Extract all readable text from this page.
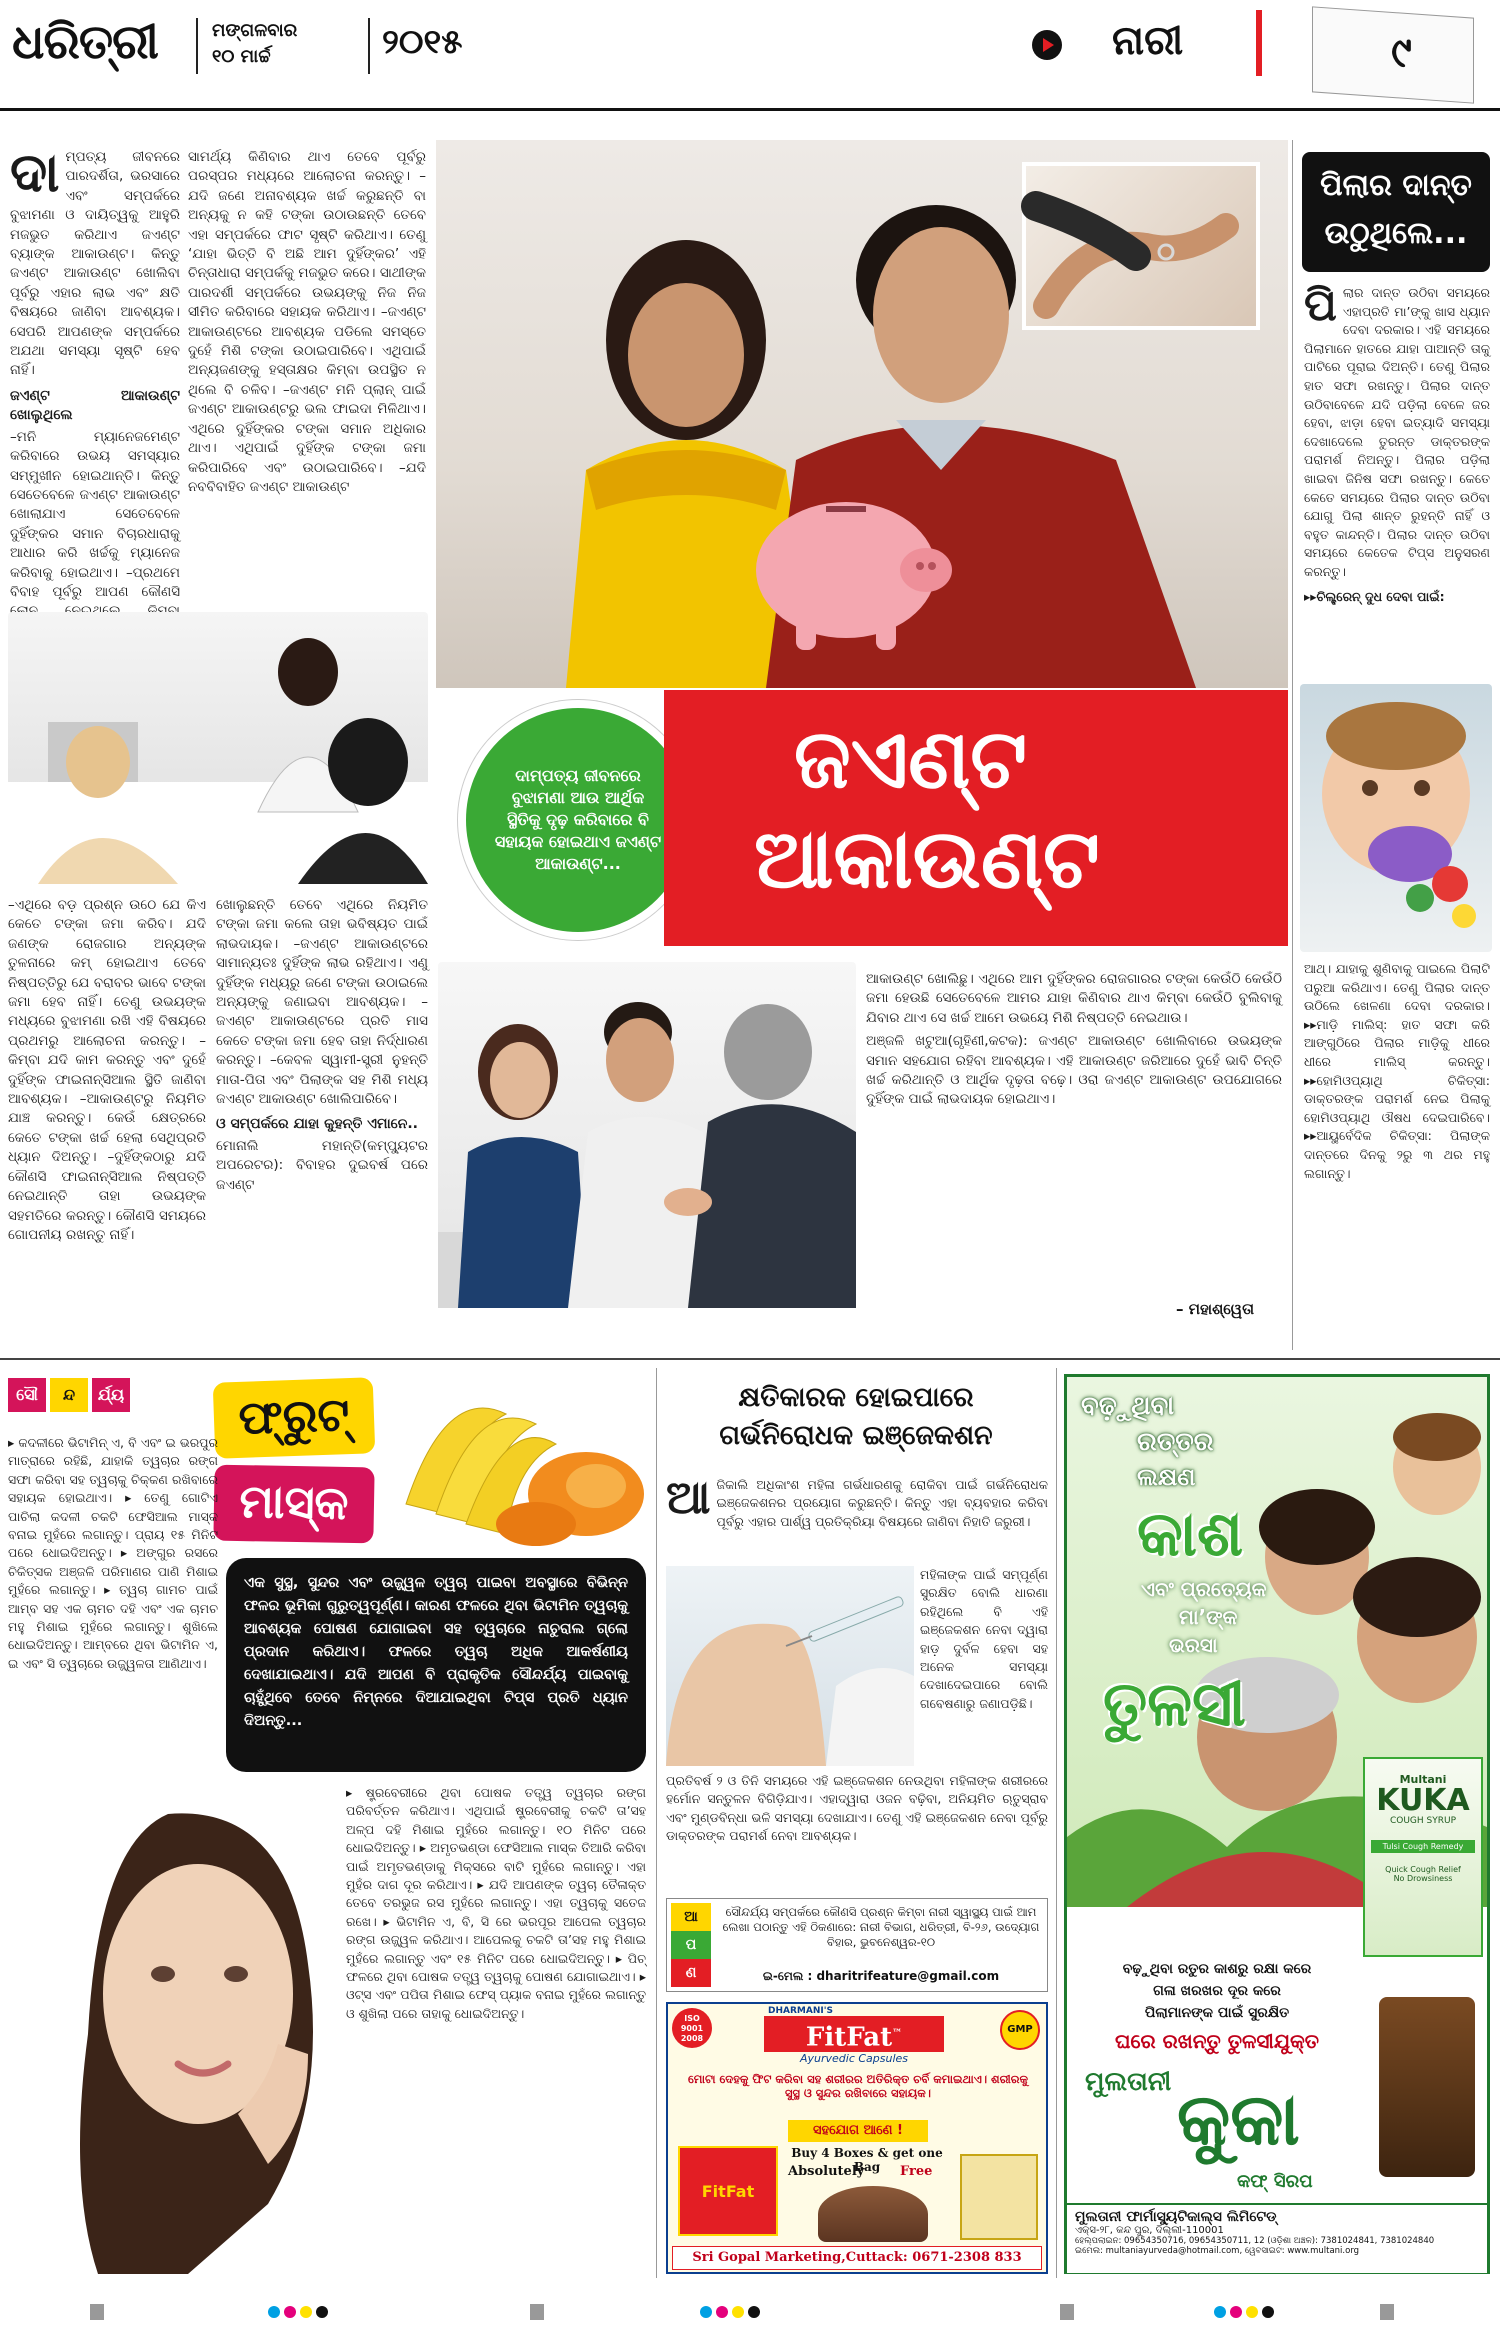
ଧରିତ୍ରୀ	ମଙ୍ଗଳବାର
୧୦ ମାର୍ଚ୍ଚ	୨୦୧୫	ନାରୀ	୯
ଦା ମ୍ପତ୍ୟ ଜୀବନରେ ପାରଦର୍ଶିତା, ଭରସାରେ ଏବଂ ସମ୍ପର୍କରେ ବୁଝାମଣା ଓ ଦାୟିତ୍ୱକୁ ଆହୁରି ମଜଭୁତ କରିଥାଏ ଜଏଣ୍ଟ ବ୍ୟାଙ୍କ ଆକାଉଣ୍ଟ। କିନ୍ତୁ ଜଏଣ୍ଟ ଆକାଉଣ୍ଟ ଖୋଲିବା ପୂର୍ବରୁ ଏହାର ଲାଭ ଏବଂ କ୍ଷତି ବିଷୟରେ ଜାଣିବା ଆବଶ୍ୟକ। ସେପରି ଆପଣଙ୍କ ସମ୍ପର୍କରେ ଅଯଥା ସମସ୍ୟା ସୃଷ୍ଟି ହେବ ନାହିଁ।
ଜଏଣ୍ଟ ଆକାଉଣ୍ଟ ଖୋଲୁଥିଲେ
–ମନି ମ୍ୟାନେଜମେଣ୍ଟ କରିବାରେ ଉଭୟ ସମସ୍ୟାର ସମ୍ମୁଖୀନ ହୋଇଥାନ୍ତି। କିନ୍ତୁ ସେତେବେଳେ ଜଏଣ୍ଟ ଆକାଉଣ୍ଟ ଖୋଲାଯାଏ ସେତେବେଳେ ଦୁହିଁଙ୍କର ସମାନ ବିଚାରଧାରାକୁ ଆଧାର କରି ଖର୍ଚ୍ଚକୁ ମ୍ୟାନେଜ କରିବାକୁ ହୋଇଥାଏ। –ପ୍ରଥମେ ବିବାହ ପୂର୍ବରୁ ଆପଣ କୌଣସି
ସାମର୍ଥ୍ୟ କିଣିବାର ଥାଏ ତେବେ ପୂର୍ବରୁ ପରସ୍ପର ମଧ୍ୟରେ ଆଲୋଚନା କରନ୍ତୁ। –ଯଦି ଜଣେ ଅନାବଶ୍ୟକ ଖର୍ଚ୍ଚ କରୁଛନ୍ତି ବା ଅନ୍ୟକୁ ନ କହି ଟଙ୍କା ଉଠାଉଛନ୍ତି ତେବେ ଏହା ସମ୍ପର୍କରେ ଫାଟ ସୃଷ୍ଟି କରିଥାଏ। ତେଣୁ ‘ଯାହା ଭିତ୍ତି ବି ଅଛି ଆମ ଦୁହିଁଙ୍କର’ ଏହି ଚିନ୍ତାଧାରା ସମ୍ପର୍କକୁ ମଜଭୁତ କରେ। ସାଥୀଙ୍କ ପାରଦର୍ଶୀ ସମ୍ପର୍କରେ ଉଭୟଙ୍କୁ ନିଜ ନିଜ ସୀମିତ କରିବାରେ ସହାୟକ କରିଥାଏ। –ଜଏଣ୍ଟ ଆକାଉଣ୍ଟରେ ଆବଶ୍ୟକ ପଡିଲେ ସମସ୍ତେ ଦୁହେଁ ମିଶି ଟଙ୍କା ଉଠାଇପାରିବେ। ଏଥିପାଇଁ ଅନ୍ୟଜଣଙ୍କୁ ହସ୍ତାକ୍ଷର କିମ୍ବା ଉପସ୍ଥିତ ନ ଥିଲେ ବି ଚଳିବ। –ଜଏଣ୍ଟ ମନି ପ୍ଲାନ୍ ପାଇଁ ଜଏଣ୍ଟ ଆକାଉଣ୍ଟରୁ ଭଲ ଫାଇଦା ମିଳିଥାଏ। ଏଥିରେ ଦୁହିଁଙ୍କର ଟଙ୍କା ସମାନ ଅଧିକାର ଥାଏ। ଏଥିପାଇଁ ଦୁହିଁଙ୍କ ଟଙ୍କା ଜମା କରିପାରିବେ ଏବଂ ଉଠାଇପାରିବେ। –ଯଦି ନବବିବାହିତ ଜଏଣ୍ଟ ଆକାଉଣ୍ଟ
ଦାମ୍ପତ୍ୟ ଜୀବନରେ ବୁଝାମଣା ଆଉ ଆର୍ଥିକ ସ୍ଥିତିକୁ ଦୃଢ଼ କରିବାରେ ବି ସହାୟକ ହୋଇଥାଏ ଜଏଣ୍ଟ ଆକାଉଣ୍ଟ...
ଜଏଣ୍ଟ
ଆକାଉଣ୍ଟ
–ଏଥିରେ ବଡ଼ ପ୍ରଶ୍ନ ଉଠେ ଯେ କିଏ କେତେ ଟଙ୍କା ଜମା କରିବ। ଯଦି ଜଣଙ୍କ ରୋଜଗାର ଅନ୍ୟଙ୍କ ତୁଳନାରେ କମ୍ ହୋଇଥାଏ ତେବେ ନିଷ୍ପତ୍ତିରୁ ଯେ ବରାବର ଭାବେ ଟଙ୍କା ଜମା ହେବ ନାହିଁ। ତେଣୁ ଉଭୟଙ୍କ ମଧ୍ୟରେ ବୁଝାମଣା ରଖି ଏହି ବିଷୟରେ ପ୍ରଥମରୁ ଆଲୋଚନା କରନ୍ତୁ। –କିମ୍ବା ଯଦି କାମ କରନ୍ତୁ ଏବଂ ଦୁହେଁ ଦୁହିଁଙ୍କ ଫାଇନାନ୍ସିଆଲ ସ୍ଥିତି ଜାଣିବା ଆବଶ୍ୟକ। –ଆକାଉଣ୍ଟରୁ ନିୟମିତ ଯାଞ୍ଚ କରନ୍ତୁ। କେଉଁ କ୍ଷେତ୍ରରେ କେତେ ଟଙ୍କା ଖର୍ଚ୍ଚ ହେଲା ସେଥିପ୍ରତି ଧ୍ୟାନ ଦିଅନ୍ତୁ। –ଦୁହିଁଙ୍କଠାରୁ ଯଦି କୌଣସି ଫାଇନାନ୍ସିଆଲ ନିଷ୍ପତ୍ତି ନେଇଥାନ୍ତି ତାହା ଉଭୟଙ୍କ ସହମତିରେ କରନ୍ତୁ। କୌଣସି ସମୟରେ ଗୋପନୀୟ ରଖନ୍ତୁ ନାହିଁ।
ଖୋଲୁଛନ୍ତି ତେବେ ଏଥିରେ ନିୟମିତ ଟଙ୍କା ଜମା କଲେ ତାହା ଭବିଷ୍ୟତ ପାଇଁ ଲାଭଦାୟକ। –ଜଏଣ୍ଟ ଆକାଉଣ୍ଟରେ ସାମାନ୍ୟତଃ ଦୁହିଁଙ୍କ ଲାଭ ରହିଥାଏ। ଏଣୁ ଦୁହିଁଙ୍କ ମଧ୍ୟରୁ ଜଣେ ଟଙ୍କା ଉଠାଇଲେ ଅନ୍ୟଙ୍କୁ ଜଣାଇବା ଆବଶ୍ୟକ। –ଜଏଣ୍ଟ ଆକାଉଣ୍ଟରେ ପ୍ରତି ମାସ କେତେ ଟଙ୍କା ଜମା ହେବ ତାହା ନିର୍ଦ୍ଧାରଣ କରନ୍ତୁ। –କେବଳ ସ୍ୱାମୀ-ସ୍ତ୍ରୀ ନୁହନ୍ତି ମାତା-ପିତା ଏବଂ ପିଲାଙ୍କ ସହ ମିଶି ମଧ୍ୟ ଜଏଣ୍ଟ ଆକାଉଣ୍ଟ ଖୋଲିପାରିବେ।
ଓ ସମ୍ପର୍କରେ ଯାହା କୁହନ୍ତି ଏମାନେ..
ମୋନାଲି ମହାନ୍ତି(କମ୍ପ୍ୟୁଟର ଅପରେଟର): ବିବାହର ଦୁଇବର୍ଷ ପରେ ଜଏଣ୍ଟ
ଆକାଉଣ୍ଟ ଖୋଲିଛୁ। ଏଥିରେ ଆମ ଦୁହିଁଙ୍କର ରୋଜଗାରର ଟଙ୍କା କେଉଁଠି କେଉଁଠି ଜମା ହେଉଛି ସେତେବେଳେ ଆମର ଯାହା କିଣିବାର ଥାଏ କିମ୍ବା କେଉଁଠି ବୁଲିବାକୁ ଯିବାର ଥାଏ ସେ ଖର୍ଚ୍ଚ ଆମେ ଉଭୟେ ମିଶି ନିଷ୍ପତ୍ତି ନେଇଥାଉ।
ଅଞ୍ଜଳି ଖଟୁଆ(ଗୃହିଣୀ,କଟକ): ଜଏଣ୍ଟ ଆକାଉଣ୍ଟ ଖୋଲିବାରେ ଉଭୟଙ୍କ ସମାନ ସହଯୋଗ ରହିବା ଆବଶ୍ୟକ। ଏହି ଆକାଉଣ୍ଟ ଜରିଆରେ ଦୁହେଁ ଭାବି ଚିନ୍ତି ଖର୍ଚ୍ଚ କରିଥାନ୍ତି ଓ ଆର୍ଥିକ ଦୃଢ଼ତା ବଢ଼େ। ଓରା ଜଏଣ୍ଟ ଆକାଉଣ୍ଟ ଉପଯୋଗରେ ଦୁହିଁଙ୍କ ପାଇଁ ଲାଭଦାୟକ ହୋଇଥାଏ।
– ମହାଶ୍ୱେତା
ପିଲାର ଦାନ୍ତ
ଉଠୁଥିଲେ...
ପି ଲାର ଦାନ୍ତ ଉଠିବା ସମୟରେ ଏହାପ୍ରତି ମା’ଙ୍କୁ ଖାସ ଧ୍ୟାନ ଦେବା ଦରକାର। ଏହି ସମୟରେ ପିଲାମାନେ ହାତରେ ଯାହା ପାଆନ୍ତି ତାକୁ ପାଟିରେ ପୂରାଇ ଦିଅନ୍ତି। ତେଣୁ ପିଲାର ହାତ ସଫା ରଖନ୍ତୁ। ପିଲାର ଦାନ୍ତ ଉଠିବାବେଳେ ଯଦି ପଡ଼ିଲା ବେଳେ ଜର ହେବା, ଝାଡ଼ା ହେବା ଇତ୍ୟାଦି ସମସ୍ୟା ଦେଖାଦେଲେ ତୁରନ୍ତ ଡାକ୍ତରଙ୍କ ପରାମର୍ଶ ନିଅନ୍ତୁ। ପିଲାର ପଡ଼ିଲା ଖାଇବା ଜିନିଷ ସଫା ରଖନ୍ତୁ। କେତେ କେତେ ସମୟରେ ପିଲାର ଦାନ୍ତ ଉଠିବା ଯୋଗୁ ପିଲା ଶାନ୍ତ ରୁହନ୍ତି ନାହିଁ ଓ ବହୁତ କାନ୍ଦନ୍ତି। ପିଲାର ଦାନ୍ତ ଉଠିବା ସମୟରେ କେତେକ ଟିପ୍ସ ଅନୁସରଣ କରନ୍ତୁ।
▸▸ଚିଲ୍ଡ୍ରେନ୍ ଦୁଧ ଦେବା ପାଇଁ:
ଆଥ୍। ଯାହାକୁ ଶୁଣିବାକୁ ପାଇଲେ ପିଲାଟି ପରୁଆ କରିଥାଏ। ତେଣୁ ପିଲାର ଦାନ୍ତ ଉଠିଲେ ଖେଳଣା ଦେବା ଦରକାର। ▸▸ମାଡ଼ି ମାଲିସ୍: ହାତ ସଫା କରି ଆଙ୍ଗୁଠିରେ ପିଲାର ମାଡ଼ିକୁ ଧୀରେ ଧୀରେ ମାଲିସ୍ କରନ୍ତୁ। ▸▸ହୋମିଓପ୍ୟାଥି ଚିକିତ୍ସା: ଡାକ୍ତରଙ୍କ ପରାମର୍ଶ ନେଇ ପିଲାକୁ ହୋମିଓପ୍ୟାଥି ଔଷଧ ଦେଇପାରିବେ। ▸▸ଆୟୁର୍ବେଦିକ ଚିକିତ୍ସା: ପିଲାଙ୍କ ଦାନ୍ତରେ ଦିନକୁ ୨ରୁ ୩ ଥର ମହୁ ଲଗାନ୍ତୁ।
ସୌ	ନ୍ଦ	ର୍ଯ୍ୟ	ଫ୍ରୁଟ୍
ମାସ୍କ
ଏକ ସୁସ୍ଥ, ସୁନ୍ଦର ଏବଂ ଉଜ୍ଜ୍ୱଳ ତ୍ୱଚା ପାଇବା ଅବସ୍ଥାରେ ବିଭିନ୍ନ ଫଳର ଭୂମିକା ଗୁରୁତ୍ୱପୂର୍ଣ୍ଣ। କାରଣ ଫଳରେ ଥିବା ଭିଟାମିନ ତ୍ୱଚାକୁ ଆବଶ୍ୟକ ପୋଷଣ ଯୋଗାଇବା ସହ ତ୍ୱଚାରେ ନାଚୁରାଲ ଗ୍ଲୋ ପ୍ରଦାନ କରିଥାଏ। ଫଳରେ ତ୍ୱଚା ଅଧିକ ଆକର୍ଷଣୀୟ ଦେଖାଯାଇଥାଏ। ଯଦି ଆପଣ ବି ପ୍ରାକୃତିକ ସୌନ୍ଦର୍ଯ୍ୟ ପାଇବାକୁ ଚାହୁଁଥିବେ ତେବେ ନିମ୍ନରେ ଦିଆଯାଇଥିବା ଟିପ୍ସ ପ୍ରତି ଧ୍ୟାନ ଦିଅନ୍ତୁ...
▸ କଦଳୀରେ ଭିଟାମିନ୍ ଏ, ବି ଏବଂ ଇ ଭରପୁର ମାତ୍ରାରେ ରହିଛି, ଯାହାକି ତ୍ୱଚାର ରଙ୍ଗ ସଫା କରିବା ସହ ତ୍ୱଚାକୁ ଚିକ୍କଣ ରଖିବାରେ ସହାୟକ ହୋଇଥାଏ। ▸ ତେଣୁ ଗୋଟିଏ ପାଚିଲା କଦଳୀ ଚକଟି ଫେସିଆଲ ମାସ୍କ ବନାଇ ମୁହଁରେ ଲଗାନ୍ତୁ। ପ୍ରାୟ ୧୫ ମିନିଟ ପରେ ଧୋଇଦିଅନ୍ତୁ। ▸ ଅଙ୍ଗୁର ରସରେ ଚିକିତ୍ସକ ଅଞ୍ଜଳି ପରିମାଣର ପାଣି ମିଶାଇ ମୁହଁରେ ଲଗାନ୍ତୁ। ▸ ତ୍ୱଚା ଗାମଚ ପାଇଁ ଆମ୍ବ ସହ ଏକ ଚାମଚ ଦହି ଏବଂ ଏକ ଚାମଚ ମହୁ ମିଶାଇ ମୁହଁରେ ଲଗାନ୍ତୁ। ଶୁଖିଲେ ଧୋଇଦିଅନ୍ତୁ। ଆମ୍ବରେ ଥିବା ଭିଟାମିନ ଏ, ଇ ଏବଂ ସି ତ୍ୱଚାରେ ଉଜ୍ଜ୍ୱଳତା ଆଣିଥାଏ।
▸ ଷ୍ଟ୍ରବେରୀରେ ଥିବା ପୋଷକ ତତ୍ତ୍ୱ ତ୍ୱଚାର ରଙ୍ଗ ପରିବର୍ତ୍ତନ କରିଥାଏ। ଏଥିପାଇଁ ଷ୍ଟ୍ରବେରୀକୁ ଚକଟି ତା’ସହ ଅଳ୍ପ ଦହି ମିଶାଇ ମୁହଁରେ ଲଗାନ୍ତୁ। ୧୦ ମିନିଟ ପରେ ଧୋଇଦିଅନ୍ତୁ। ▸ ଅମୃତଭଣ୍ଡା ଫେସିଆଲ ମାସ୍କ ତିଆରି କରିବା ପାଇଁ ଅମୃତଭଣ୍ଡାକୁ ମିକ୍ସରେ ବାଟି ମୁହଁରେ ଲଗାନ୍ତୁ। ଏହା ମୁହଁର ଦାଗ ଦୂର କରିଥାଏ। ▸ ଯଦି ଆପଣଙ୍କ ତ୍ୱଚା ତୈଳାକ୍ତ ତେବେ ତରଭୁଜ ରସ ମୁହଁରେ ଲଗାନ୍ତୁ। ଏହା ତ୍ୱଚାକୁ ସତେଜ ରଖେ। ▸ ଭିଟାମିନ ଏ, ବି, ସି ରେ ଭରପୂର ଆପେଲ ତ୍ୱଚାର ରଙ୍ଗ ଉଜ୍ଜ୍ୱଳ କରିଥାଏ। ଆପେଲକୁ ଚକଟି ତା’ସହ ମହୁ ମିଶାଇ ମୁହଁରେ ଲଗାନ୍ତୁ ଏବଂ ୧୫ ମିନିଟ ପରେ ଧୋଇଦିଅନ୍ତୁ। ▸ ପିଚ୍ ଫଳରେ ଥିବା ପୋଷକ ତତ୍ତ୍ୱ ତ୍ୱଚାକୁ ପୋଷଣ ଯୋଗାଇଥାଏ। ▸ ଓଟ୍ସ ଏବଂ ପପିତା ମିଶାଇ ଫେସ୍ ପ୍ୟାକ ବନାଇ ମୁହଁରେ ଲଗାନ୍ତୁ ଓ ଶୁଖିଲା ପରେ ତାହାକୁ ଧୋଇଦିଅନ୍ତୁ।
କ୍ଷତିକାରକ ହୋଇପାରେ
ଗର୍ଭନିରୋଧକ ଇଞ୍ଜେକଶନ
ଆ ଜିକାଲି ଅଧିକାଂଶ ମହିଳା ଗର୍ଭଧାରଣକୁ ରୋକିବା ପାଇଁ ଗର୍ଭନିରୋଧକ ଇଞ୍ଜେକଶନର ପ୍ରୟୋଗ କରୁଛନ୍ତି। କିନ୍ତୁ ଏହା ବ୍ୟବହାର କରିବା ପୂର୍ବରୁ ଏହାର ପାର୍ଶ୍ୱ ପ୍ରତିକ୍ରିୟା ବିଷୟରେ ଜାଣିବା ନିହାତି ଜରୁରୀ।
ମହିଳାଙ୍କ ପାଇଁ ସମ୍ପୂର୍ଣ୍ଣ ସୁରକ୍ଷିତ ବୋଲି ଧାରଣା ରହିଥିଲେ ବି ଏହି ଇଞ୍ଜେକଶନ ନେବା ଦ୍ୱାରା ହାଡ଼ ଦୁର୍ବଳ ହେବା ସହ ଅନେକ ସମସ୍ୟା ଦେଖାଦେଇପାରେ ବୋଲି ଗବେଷଣାରୁ ଜଣାପଡ଼ିଛି।
ପ୍ରତିବର୍ଷ ୨ ଓ ତିନି ସମୟରେ ଏହି ଇଞ୍ଜେକଶନ ନେଉଥିବା ମହିଳାଙ୍କ ଶରୀରରେ ହର୍ମୋନ ସନ୍ତୁଳନ ବିଗିଡ଼ିଯାଏ। ଏହାଦ୍ୱାରା ଓଜନ ବଢ଼ିବା, ଅନିୟମିତ ଋତୁସ୍ରାବ ଏବଂ ମୁଣ୍ଡବିନ୍ଧା ଭଳି ସମସ୍ୟା ଦେଖାଯାଏ। ତେଣୁ ଏହି ଇଞ୍ଜେକଶନ ନେବା ପୂର୍ବରୁ ଡାକ୍ତରଙ୍କ ପରାମର୍ଶ ନେବା ଆବଶ୍ୟକ।
ଆ
ପ
ଣ
ସୌନ୍ଦର୍ଯ୍ୟ ସମ୍ପର୍କରେ କୌଣସି ପ୍ରଶ୍ନ କିମ୍ବା ନାରୀ ସ୍ୱାସ୍ଥ୍ୟ ପାଇଁ ଆମ ଲେଖା ପଠାନ୍ତୁ ଏହି ଠିକଣାରେ: ନାରୀ ବିଭାଗ, ଧରିତ୍ରୀ, ବି-୨୬, ଉଦ୍ୟୋଗ ବିହାର, ଭୁବନେଶ୍ୱର-୧୦
ଇ-ମେଲ : dharitrifeature@gmail.com
ISO 9001 2008
DHARMANI'S
FitFat™
Ayurvedic Capsules
GMP
ମୋଟା ଦେହକୁ ଫିଟ କରିବା ସହ ଶରୀରର ଅତିରିକ୍ତ ଚର୍ବି କମାଇଥାଏ। ଶରୀରକୁ ସୁସ୍ଥ ଓ ସୁନ୍ଦର ରଖିବାରେ ସହାୟକ।
ସହଯୋଗ ଆଣେ !
FitFat
Buy 4 Boxes & get one Bag
Absolutely	Free
Sri Gopal Marketing,Cuttack: 0671-2308 833
ବଢ଼ୁଥିବା
ରତ୍ତର
ଲକ୍ଷଣ
କାଶ
ଏବଂ ପ୍ରତ୍ୟେକ
ମା’ଙ୍କ
ଭରସା
ତୁଳସୀ
Multani
KUKA
COUGH SYRUP
Tulsi Cough Remedy
Quick Cough Relief
No Drowsiness
ବଢ଼ୁଥିବା ରତୁର କାଶରୁ ରକ୍ଷା କରେ
ଗଳା ଖରଖର ଦୂର କରେ
ପିଲାମାନଙ୍କ ପାଇଁ ସୁରକ୍ଷିତ
ଘରେ ରଖନ୍ତୁ ତୁଳସୀଯୁକ୍ତ
ମୁଲତାନୀ କୁକା
କଫ୍ ସିରପ
ମୁଲତାନୀ ଫାର୍ମାସ୍ୟୁଟିକାଲ୍ସ ଲିମିଟେଡ୍
ଏକ୍ସ-୨୮, କନ୍ଦ ପୁର, ଦିଲ୍ଲୀ-110001
ହେଲ୍ପଲାଇନ: 09654350716, 09654350711, 12 (ଓଡ଼ିଶା ଅଞ୍ଚଳ): 7381024841, 7381024840
ଇମେଲ: multaniayurveda@hotmail.com, ୱେବସାଇଟ: www.multani.org
